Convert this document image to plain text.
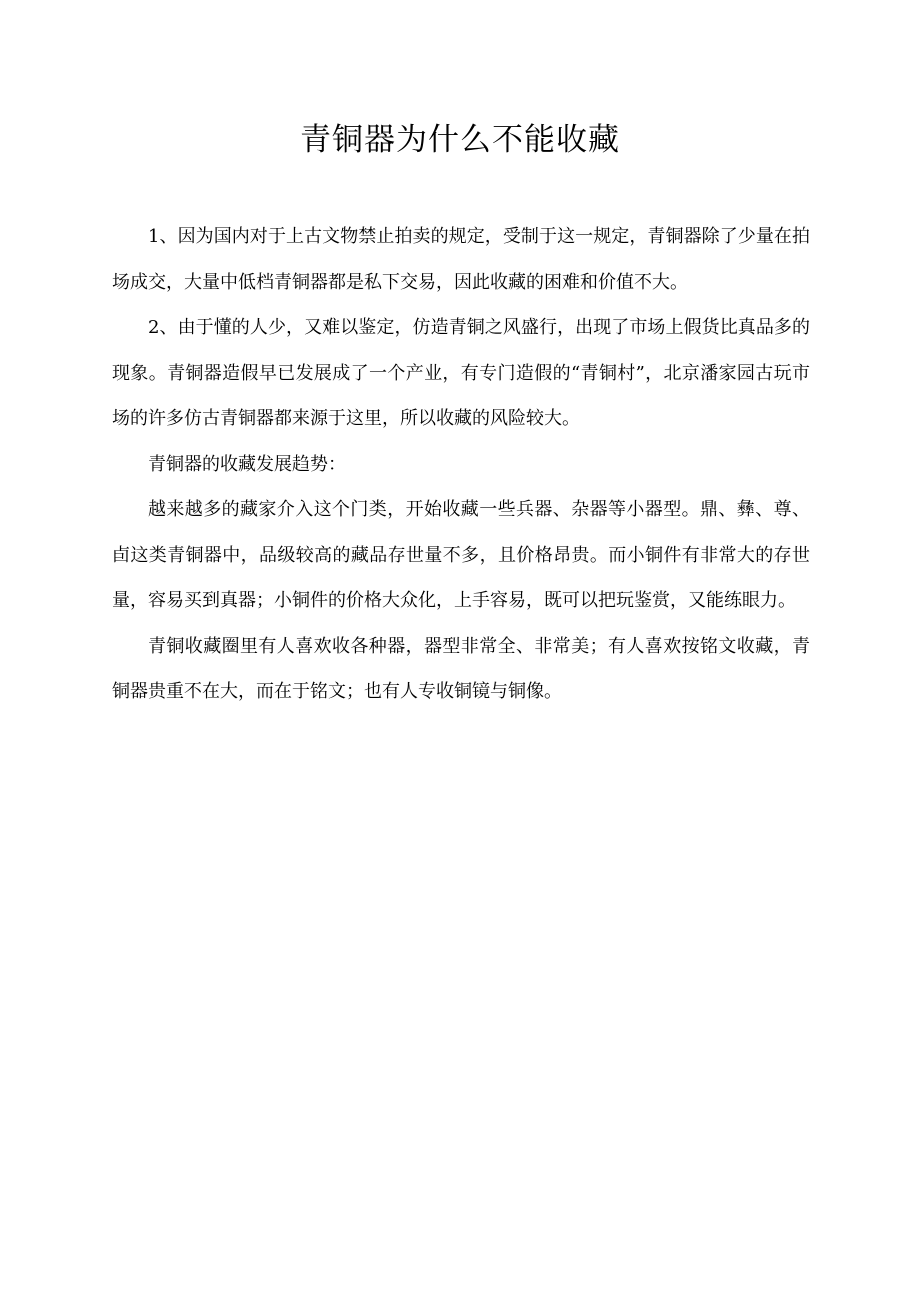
青铜器为什么不能收藏

1、因为国内对于上古文物禁止拍卖的规定，受制于这一规定，青铜器除了少量在拍场成交，大量中低档青铜器都是私下交易，因此收藏的困难和价值不大。

2、由于懂的人少，又难以鉴定，仿造青铜之风盛行，出现了市场上假货比真品多的现象。青铜器造假早已发展成了一个产业，有专门造假的“青铜村”，北京潘家园古玩市场的许多仿古青铜器都来源于这里，所以收藏的风险较大。

青铜器的收藏发展趋势：

越来越多的藏家介入这个门类，开始收藏一些兵器、杂器等小器型。鼎、彝、尊、卣这类青铜器中，品级较高的藏品存世量不多，且价格昂贵。而小铜件有非常大的存世量，容易买到真器；小铜件的价格大众化，上手容易，既可以把玩鉴赏，又能练眼力。

青铜收藏圈里有人喜欢收各种器，器型非常全、非常美；有人喜欢按铭文收藏，青铜器贵重不在大，而在于铭文；也有人专收铜镜与铜像。
